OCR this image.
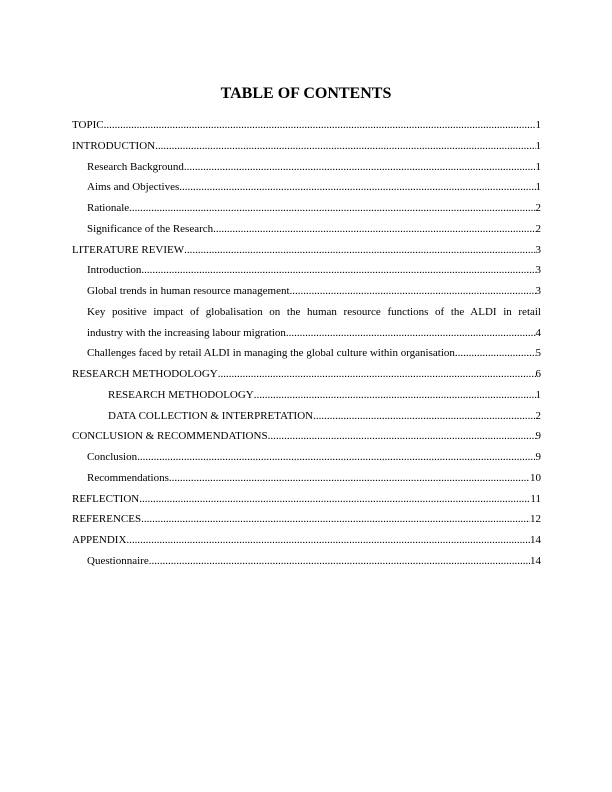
TABLE OF CONTENTS
TOPIC .....	1
INTRODUCTION .....	1
Research Background .....	1
Aims and Objectives .....	1
Rationale .....	2
Significance of the Research .....	2
LITERATURE REVIEW .....	3
Introduction .....	3
Global trends in human resource management. .....	3
Key positive impact of globalisation on the human resource functions of the ALDI in retail
industry with the increasing labour migration .....	4
Challenges faced by retail ALDI in managing the global culture within organisation. .....	5
RESEARCH METHODOLOGY .....	6
RESEARCH METHODOLOGY .....	1
DATA COLLECTION & INTERPRETATION .....	2
CONCLUSION & RECOMMENDATIONS .....	9
Conclusion .....	9
Recommendations .....	10
REFLECTION .....	11
REFERENCES .....	12
APPENDIX .....	14
Questionnaire .....	14
